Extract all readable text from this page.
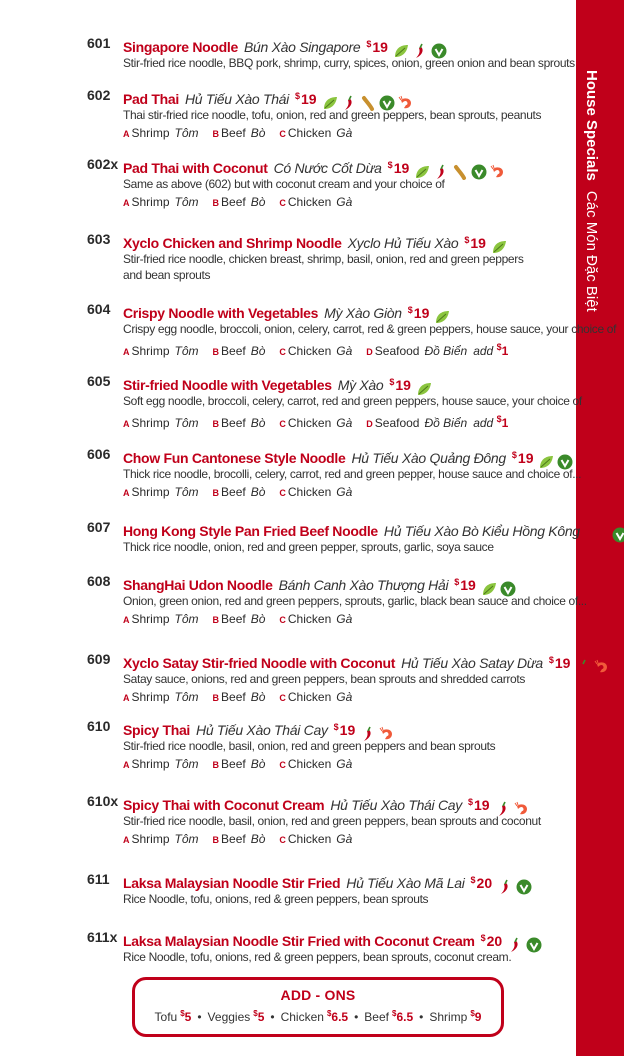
House SpecialsCác Món Đặc Biệt
601 Singapore Noodle Bún Xào Singapore $19
Stir-fried rice noodle, BBQ pork, shrimp, curry, spices, onion, green onion and bean sprouts
602 Pad Thai Hủ Tiếu Xào Thái $19
Thai stir-fried rice noodle, tofu, onion, red and green peppers, bean sprouts, peanuts
A Shrimp Tôm B Beef Bò C Chicken Gà
602x Pad Thai with Coconut Có Nước Cốt Dừa $19
Same as above (602) but with coconut cream and your choice of
A Shrimp Tôm B Beef Bò C Chicken Gà
603 Xyclo Chicken and Shrimp Noodle Xyclo Hủ Tiếu Xào $19
Stir-fried rice noodle, chicken breast, shrimp, basil, onion, red and green peppers
and bean sprouts
604 Crispy Noodle with Vegetables Mỳ Xào Giòn $19
Crispy egg noodle, broccoli, onion, celery, carrot, red & green peppers, house sauce, your choice of
A Shrimp Tôm B Beef Bò C Chicken Gà D Seafood Đồ Biển add $1
605 Stir-fried Noodle with Vegetables Mỳ Xào $19
Soft egg noodle, broccoli, celery, carrot, red and green peppers, house sauce, your choice of
A Shrimp Tôm B Beef Bò C Chicken Gà D Seafood Đồ Biển add $1
606 Chow Fun Cantonese Style Noodle Hủ Tiếu Xào Quảng Đông $19
Thick rice noodle, brocolli, celery, carrot, red and green pepper, house sauce and choice of...
A Shrimp Tôm B Beef Bò C Chicken Gà
607 Hong Kong Style Pan Fried Beef Noodle Hủ Tiếu Xào Bò Kiểu Hồng Kông $19
Thick rice noodle, onion, red and green pepper, sprouts, garlic, soya sauce
608 ShangHai Udon Noodle Bánh Canh Xào Thượng Hải $19
Onion, green onion, red and green peppers, sprouts, garlic, black bean sauce and choice of...
A Shrimp Tôm B Beef Bò C Chicken Gà
609 Xyclo Satay Stir-fried Noodle with Coconut Hủ Tiếu Xào Satay Dừa $19
Satay sauce, onions, red and green peppers, bean sprouts and shredded carrots
A Shrimp Tôm B Beef Bò C Chicken Gà
610 Spicy Thai Hủ Tiếu Xào Thái Cay $19
Stir-fried rice noodle, basil, onion, red and green peppers and bean sprouts
A Shrimp Tôm B Beef Bò C Chicken Gà
610x Spicy Thai with Coconut Cream Hủ Tiếu Xào Thái Cay $19
Stir-fried rice noodle, basil, onion, red and green peppers, bean sprouts and coconut
A Shrimp Tôm B Beef Bò C Chicken Gà
611 Laksa Malaysian Noodle Stir Fried Hủ Tiếu Xào Mã Lai $20
Rice Noodle, tofu, onions, red & green peppers, bean sprouts
611x Laksa Malaysian Noodle Stir Fried with Coconut Cream $20
Rice Noodle, tofu, onions, red & green peppers, bean sprouts, coconut cream.
ADD - ONS
Tofu $5 • Veggies $5 • Chicken $6.5 • Beef $6.5 • Shrimp $9
